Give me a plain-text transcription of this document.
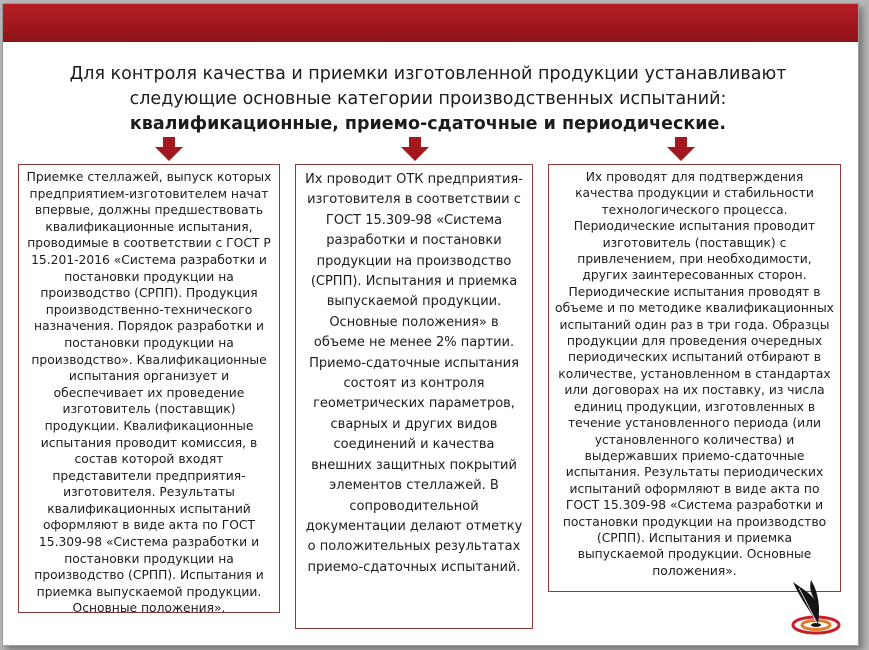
Для контроля качества и приемки изготовленной продукции устанавливают
следующие основные категории производственных испытаний:
квалификационные, приемо-сдаточные и периодические.
Приемке стеллажей, выпуск которых предприятием-изготовителем начат впервые, должны предшествовать квалификационные испытания, проводимые в соответствии с ГОСТ Р 15.201-2016 «Система разработки и постановки продукции на производство (СРПП). Продукция производственно-технического назначения. Порядок разработки и постановки продукции на производство». Квалификационные испытания организует и обеспечивает их проведение изготовитель (поставщик) продукции. Квалификационные испытания проводит комиссия, в состав которой входят представители предприятия-изготовителя. Результаты квалификационных испытаний оформляют в виде акта по ГОСТ 15.309-98 «Система разработки и постановки продукции на производство (СРПП). Испытания и приемка выпускаемой продукции. Основные положения».
Их проводит ОТК предприятия-изготовителя в соответствии с ГОСТ 15.309-98 «Система разработки и постановки продукции на производство (СРПП). Испытания и приемка выпускаемой продукции. Основные положения» в объеме не менее 2% партии. Приемо-сдаточные испытания состоят из контроля геометрических параметров, сварных и других видов соединений и качества внешних защитных покрытий элементов стеллажей. В сопроводительной документации делают отметку о положительных результатах приемо-сдаточных испытаний.
Их проводят для подтверждения качества продукции и стабильности технологического процесса. Периодические испытания проводит изготовитель (поставщик) с привлечением, при необходимости, других заинтересованных сторон. Периодические испытания проводят в объеме и по методике квалификационных испытаний один раз в три года. Образцы продукции для проведения очередных периодических испытаний отбирают в количестве, установленном в стандартах или договорах на их поставку, из числа единиц продукции, изготовленных в течение установленного периода (или установленного количества) и выдержавших приемо-сдаточные испытания. Результаты периодических испытаний оформляют в виде акта по ГОСТ 15.309-98 «Система разработки и постановки продукции на производство (СРПП). Испытания и приемка выпускаемой продукции. Основные положения».
